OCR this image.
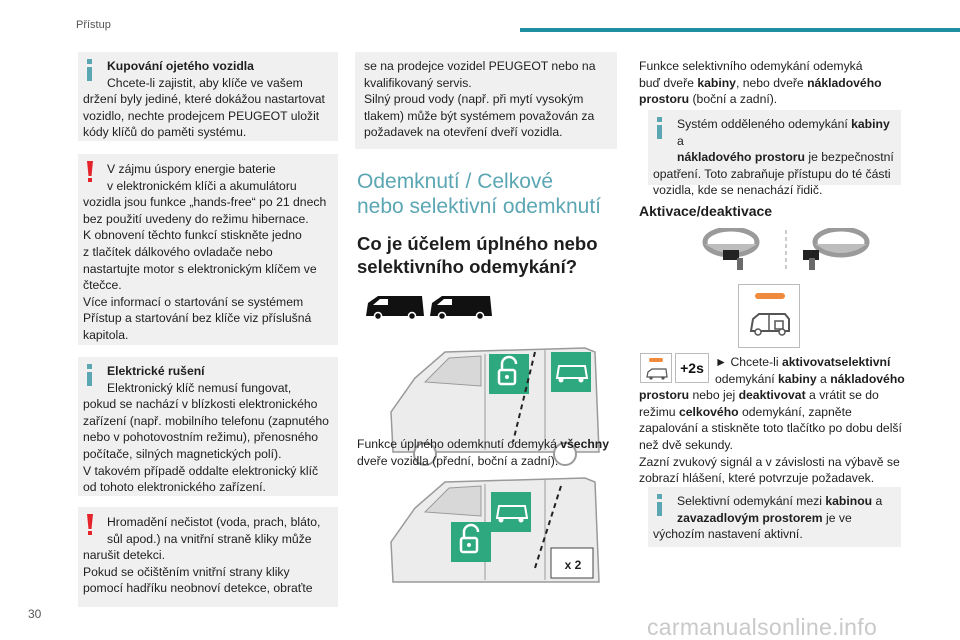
Přístup
30	carmanualsonline.info

Kupování ojetého vozidla

Chcete-li zajistit, aby klíče ve vašem

držení byly jediné, které dokážou nastartovat

vozidlo, nechte prodejcem PEUGEOT uložit

kódy klíčů do paměti systému.

V zájmu úspory energie baterie

v elektronickém klíči a akumulátoru

vozidla jsou funkce „hands-free“ po 21 dnech

bez použití uvedeny do režimu hibernace.

K obnovení těchto funkcí stiskněte jedno

z tlačítek dálkového ovladače nebo

nastartujte motor s elektronickým klíčem ve

čtečce.

Více informací o startování se systémem

Přístup a startování bez klíče viz příslušná

kapitola.

Elektrické rušení

Elektronický klíč nemusí fungovat,

pokud se nachází v blízkosti elektronického

zařízení (např. mobilního telefonu (zapnutého

nebo v pohotovostním režimu), přenosného

počítače, silných magnetických polí).

V takovém případě oddalte elektronický klíč

od tohoto elektronického zařízení.

Hromadění nečistot (voda, prach, bláto,

sůl apod.) na vnitřní straně kliky může

narušit detekci.

Pokud se očištěním vnitřní strany kliky

pomocí hadříku neobnoví detekce, obraťte

se na prodejce vozidel PEUGEOT nebo na

kvalifikovaný servis.

Silný proud vody (např. při mytí vysokým

tlakem) může být systémem považován za

požadavek na otevření dveří vozidla.

Odemknutí / Celkové
nebo selektivní odemknutí
Co je účelem úplného nebo
selektivního odemykání?

Funkce úplného odemknutí odemyká všechny

dveře vozidla (přední, boční a zadní).

x 2

Funkce selektivního odemykání odemyká

buď dveře kabiny, nebo dveře nákladového

prostoru (boční a zadní).

Systém odděleného odemykání kabiny a

nákladového prostoru je bezpečnostní

opatření. Toto zabraňuje přístupu do té části

vozidla, kde se nenachází řidič.

Aktivace/deaktivace
+2s ► Chcete-li aktivovatselektivní

odemykání kabiny a nákladového

prostoru nebo jej deaktivovat a vrátit se do

režimu celkového odemykání, zapněte

zapalování a stiskněte toto tlačítko po dobu delší

než dvě sekundy.

Zazní zvukový signál a v závislosti na výbavě se

zobrazí hlášení, které potvrzuje požadavek.

Selektivní odemykání mezi kabinou a

zavazadlovým prostorem je ve

výchozím nastavení aktivní.
